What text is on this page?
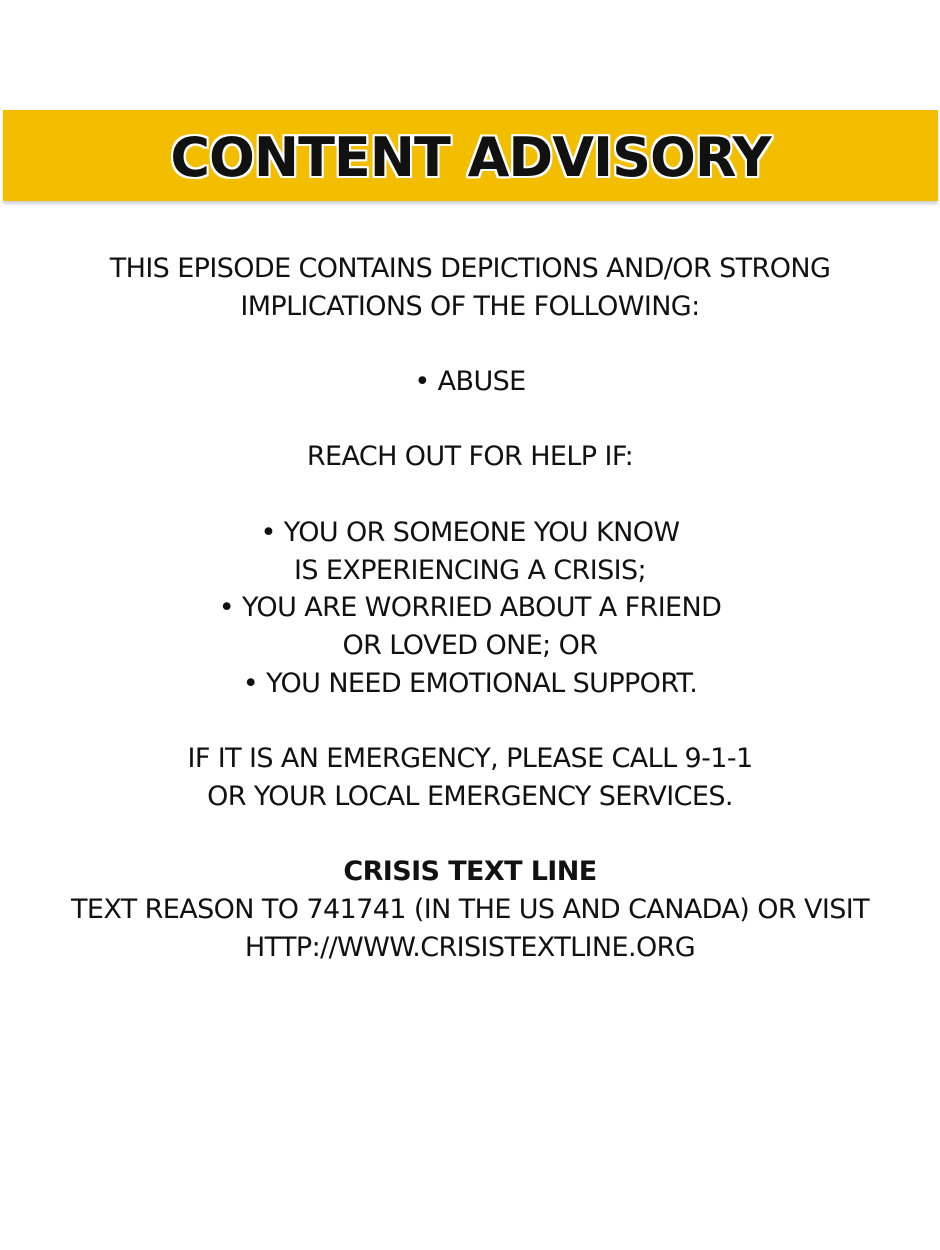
CONTENT ADVISORY
THIS EPISODE CONTAINS DEPICTIONS AND/OR STRONG
IMPLICATIONS OF THE FOLLOWING:
• ABUSE
REACH OUT FOR HELP IF:
• YOU OR SOMEONE YOU KNOW
IS EXPERIENCING A CRISIS;
• YOU ARE WORRIED ABOUT A FRIEND
OR LOVED ONE; OR
• YOU NEED EMOTIONAL SUPPORT.
IF IT IS AN EMERGENCY, PLEASE CALL 9-1-1
OR YOUR LOCAL EMERGENCY SERVICES.
CRISIS TEXT LINE
TEXT REASON TO 741741 (IN THE US AND CANADA) OR VISIT
HTTP://WWW.CRISISTEXTLINE.ORG
